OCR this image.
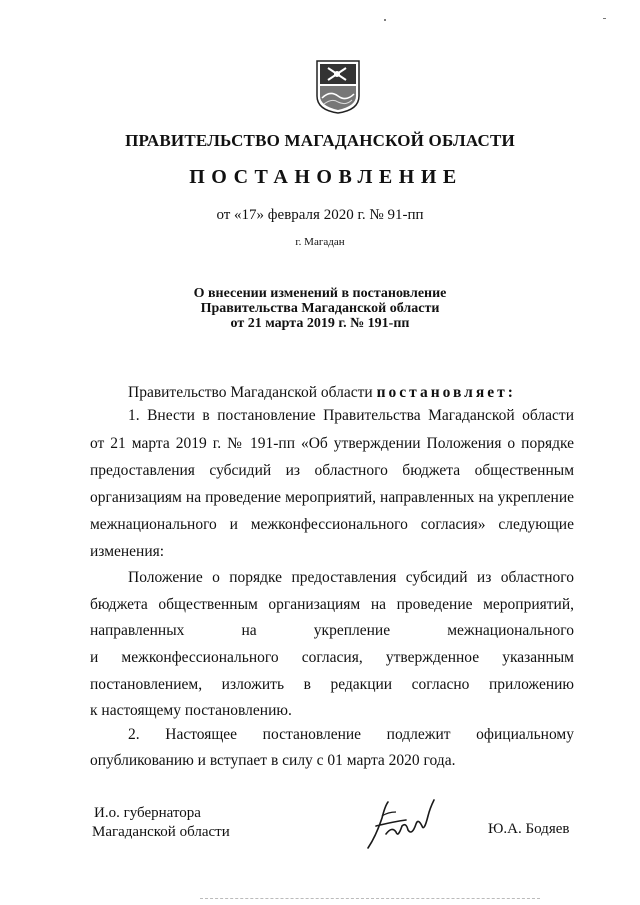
ПРАВИТЕЛЬСТВО МАГАДАНСКОЙ ОБЛАСТИ
ПОСТАНОВЛЕНИЕ
от «17» февраля 2020 г. № 91-пп
г. Магадан
О внесении изменений в постановление
Правительства Магаданской области
от 21 марта 2019 г. № 191-пп
Правительство Магаданской области постановляет:
1. Внести в постановление Правительства Магаданской области
от 21 марта 2019 г. № 191-пп «Об утверждении Положения о порядке
предоставления субсидий из областного бюджета общественным
организациям на проведение мероприятий, направленных на укрепление
межнационального и межконфессионального согласия» следующие
изменения:
Положение о порядке предоставления субсидий из областного
бюджета общественным организациям на проведение мероприятий,
направленных на укрепление межнационального
и межконфессионального согласия, утвержденное указанным
постановлением, изложить в редакции согласно приложению
к настоящему постановлению.
2. Настоящее постановление подлежит официальному
опубликованию и вступает в силу с 01 марта 2020 года.
И.о. губернатора
Магаданской области	Ю.А. Бодяев
